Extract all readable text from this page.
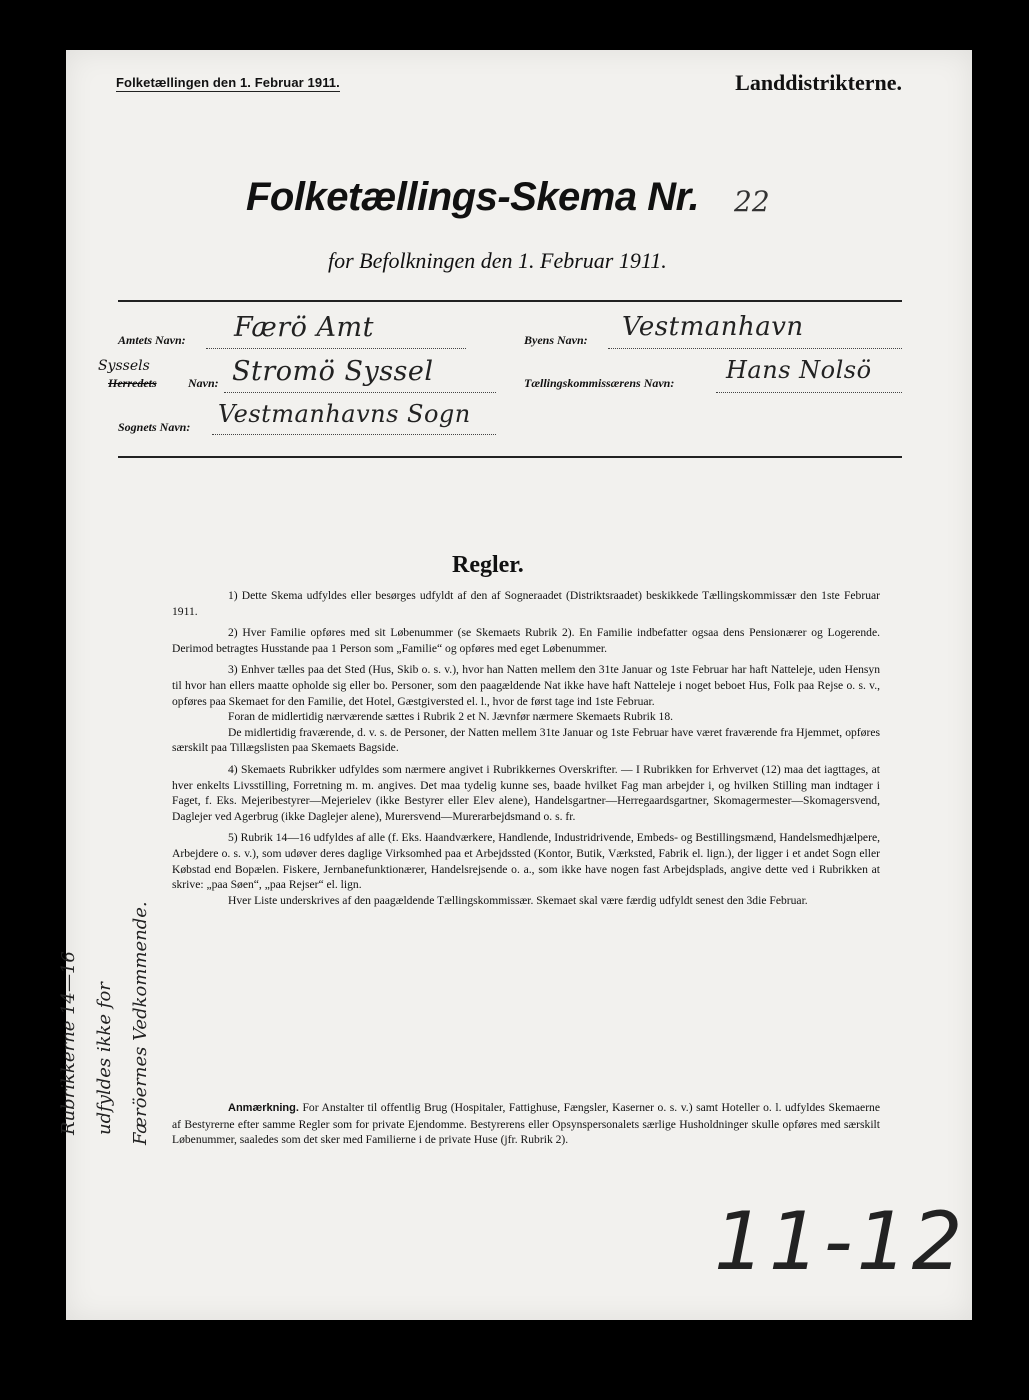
Folketællingen den 1. Februar 1911.	Landdistrikterne.
Folketællings-Skema Nr. 22
for Befolkningen den 1. Februar 1911.
Amtets Navn: Færö Amt	Byens Navn: Vestmanhavn
Syssels
Herredets	Navn: Stromö Syssel	Tællingskommissærens Navn: Hans Nolsö
Sognets Navn: Vestmanhavns Sogn
Regler.

1) Dette Skema udfyldes eller besørges udfyldt af den af Sogneraadet (Distriktsraadet) beskikkede Tællingskommissær den 1ste Februar 1911.

2) Hver Familie opføres med sit Løbenummer (se Skemaets Rubrik 2). En Familie indbefatter ogsaa dens Pensionærer og Logerende. Derimod betragtes Husstande paa 1 Person som „Familie“ og opføres med eget Løbenummer.

3) Enhver tælles paa det Sted (Hus, Skib o. s. v.), hvor han Natten mellem den 31te Januar og 1ste Februar har haft Natteleje, uden Hensyn til hvor han ellers maatte opholde sig eller bo. Personer, som den paagældende Nat ikke have haft Natteleje i noget beboet Hus, Folk paa Rejse o. s. v., opføres paa Skemaet for den Familie, det Hotel, Gæstgiversted el. l., hvor de først tage ind 1ste Februar.

Foran de midlertidig nærværende sættes i Rubrik 2 et N. Jævnfør nærmere Skemaets Rubrik 18.

De midlertidig fraværende, d. v. s. de Personer, der Natten mellem 31te Januar og 1ste Februar have været fraværende fra Hjemmet, opføres særskilt paa Tillægslisten paa Skemaets Bagside.

4) Skemaets Rubrikker udfyldes som nærmere angivet i Rubrikkernes Overskrifter. — I Rubrikken for Erhvervet (12) maa det iagttages, at hver enkelts Livsstilling, Forretning m. m. angives. Det maa tydelig kunne ses, baade hvilket Fag man arbejder i, og hvilken Stilling man indtager i Faget, f. Eks. Mejeribestyrer—Mejerielev (ikke Bestyrer eller Elev alene), Handelsgartner—Herregaardsgartner, Skomagermester—Skomagersvend, Daglejer ved Agerbrug (ikke Daglejer alene), Murersvend—Murerarbejdsmand o. s. fr.

5) Rubrik 14—16 udfyldes af alle (f. Eks. Haandværkere, Handlende, Industridrivende, Embeds- og Bestillingsmænd, Handelsmedhjælpere, Arbejdere o. s. v.), som udøver deres daglige Virksomhed paa et Arbejdssted (Kontor, Butik, Værksted, Fabrik el. lign.), der ligger i et andet Sogn eller Købstad end Bopælen. Fiskere, Jernbanefunktionærer, Handelsrejsende o. a., som ikke have nogen fast Arbejdsplads, angive dette ved i Rubrikken at skrive: „paa Søen“, „paa Rejser“ el. lign.

Hver Liste underskrives af den paagældende Tællingskommissær. Skemaet skal være færdig udfyldt senest den 3die Februar.

Anmærkning. For Anstalter til offentlig Brug (Hospitaler, Fattighuse, Fængsler, Kaserner o. s. v.) samt Hoteller o. l. udfyldes Skemaerne af Bestyrerne efter samme Regler som for private Ejendomme. Bestyrerens eller Opsynspersonalets særlige Husholdninger skulle opføres med særskilt Løbenummer, saaledes som det sker med Familierne i de private Huse (jfr. Rubrik 2).

Rubrikkerne 14—16 udfyldes ikke for Færöernes Vedkommende.
11-12
